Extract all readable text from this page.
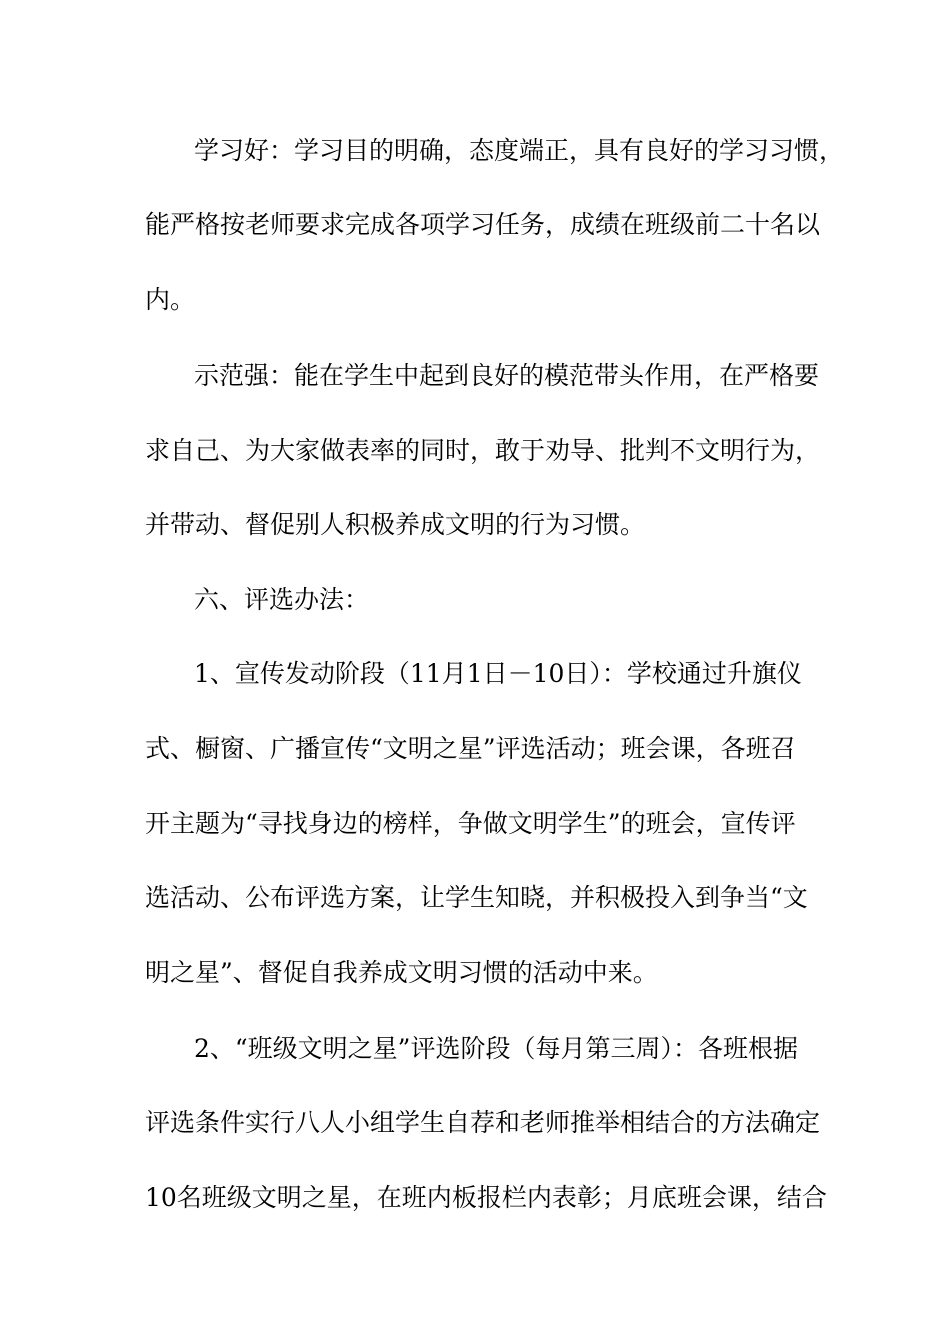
学习好：学习目的明确，态度端正，具有良好的学习习惯，
能严格按老师要求完成各项学习任务，成绩在班级前二十名以
内。
示范强：能在学生中起到良好的模范带头作用，在严格要
求自己、为大家做表率的同时，敢于劝导、批判不文明行为，
并带动、督促别人积极养成文明的行为习惯。
六、评选办法：
1、宣传发动阶段（11月1日－10日）：学校通过升旗仪
式、橱窗、广播宣传“文明之星”评选活动；班会课，各班召
开主题为“寻找身边的榜样，争做文明学生”的班会，宣传评
选活动、公布评选方案，让学生知晓，并积极投入到争当“文
明之星”、督促自我养成文明习惯的活动中来。
2、“班级文明之星”评选阶段（每月第三周）：各班根据
评选条件实行八人小组学生自荐和老师推举相结合的方法确定
10名班级文明之星，在班内板报栏内表彰；月底班会课，结合
